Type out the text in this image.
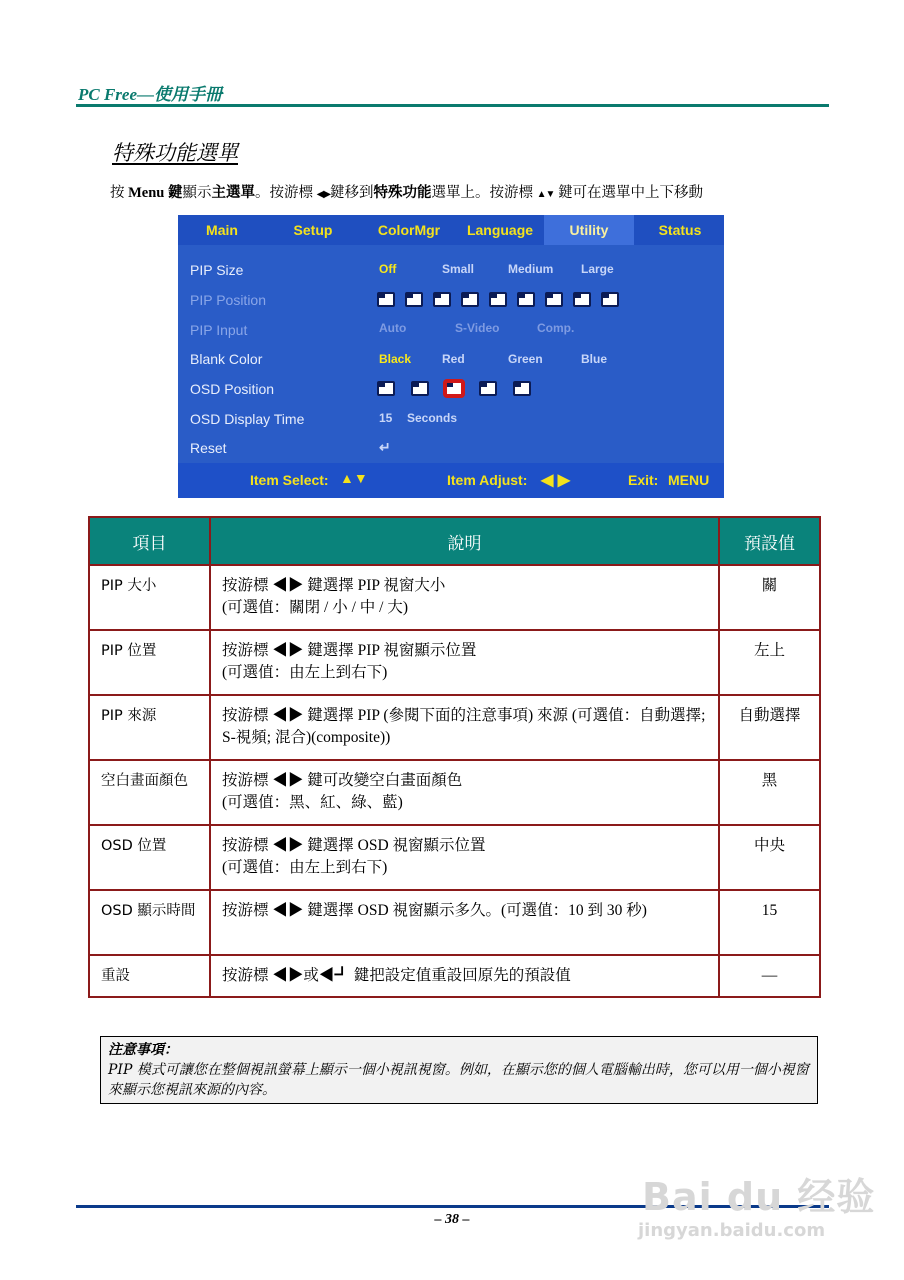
PC Free—使用手冊
特殊功能選單
按 Menu 鍵顯示主選單。按游標 ◀▶鍵移到特殊功能選單上。按游標 ▲▼ 鍵可在選單中上下移動
Main	Setup	ColorMgr	Language	Utility	Status
PIP Size	Off	Small	Medium Large
PIP Position
PIP Input	Auto	S-Video	Comp.
Blank Color	Black	Red	Green	Blue
OSD Position
OSD Display Time	15 Seconds
Reset	↵
Item Select: ▲▼	Item Adjust: ◀ ▶	Exit: MENU
項目	說明	預設值
PIP 大小	按游標 ◀▶ 鍵選擇 PIP 視窗大小
(可選值：關閉 / 小 / 中 / 大)	關
PIP 位置	按游標 ◀▶ 鍵選擇 PIP 視窗顯示位置
(可選值：由左上到右下)	左上
PIP 來源	按游標 ◀▶ 鍵選擇 PIP (參閱下面的注意事項) 來源 (可選值：自動選擇; S-視頻; 混合)(composite))	自動選擇
空白畫面顏色	按游標 ◀▶ 鍵可改變空白畫面顏色
(可選值：黑、紅、綠、藍)	黑
OSD 位置	按游標 ◀▶ 鍵選擇 OSD 視窗顯示位置
(可選值：由左上到右下)	中央
OSD 顯示時間	按游標 ◀▶ 鍵選擇 OSD 視窗顯示多久。(可選值：10 到 30 秒)	15
重設	按游標 ◀▶或◀┛ 鍵把設定值重設回原先的預設值	—
注意事項：
PIP 模式可讓您在整個視訊螢幕上顯示一個小視訊視窗。例如，在顯示您的個人電腦輸出時，您可以用一個小視窗來顯示您視訊來源的內容。
– 38 –
Bai du 经验
jingyan.baidu.com
